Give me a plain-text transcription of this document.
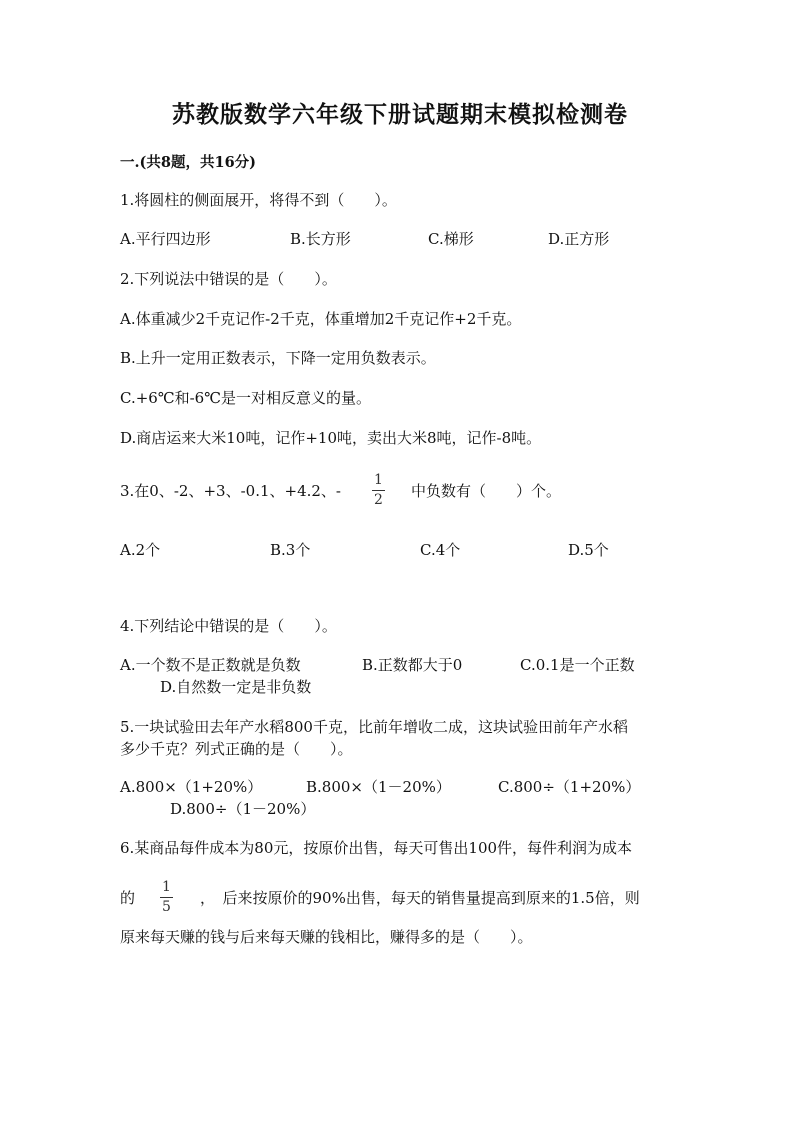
苏教版数学六年级下册试题期末模拟检测卷
一.(共8题，共16分)
1.将圆柱的侧面展开，将得不到（　　）。
A.平行四边形	B.长方形	C.梯形	D.正方形
2.下列说法中错误的是（　　）。
A.体重减少2千克记作-2千克，体重增加2千克记作+2千克。
B.上升一定用正数表示，下降一定用负数表示。
C.+6℃和-6℃是一对相反意义的量。
D.商店运来大米10吨，记作+10吨，卖出大米8吨，记作-8吨。
3.在0、-2、+3、-0.1、+4.2、-
1
2 中负数有（　　）个。
A.2个	B.3个	C.4个	D.5个
4.下列结论中错误的是（　　）。
A.一个数不是正数就是负数	B.正数都大于0	C.0.1是一个正数
D.自然数一定是非负数
5.一块试验田去年产水稻800千克，比前年增收二成，这块试验田前年产水稻
多少千克？列式正确的是（　　）。
A.800×（1+20%）	B.800×（1－20%）	C.800÷（1+20%）
D.800÷（1－20%）
6.某商品每件成本为80元，按原价出售，每天可售出100件，每件利润为成本
的
1
5 ，　后来按原价的90%出售，每天的销售量提高到原来的1.5倍，则
原来每天赚的钱与后来每天赚的钱相比，赚得多的是（　　）。
